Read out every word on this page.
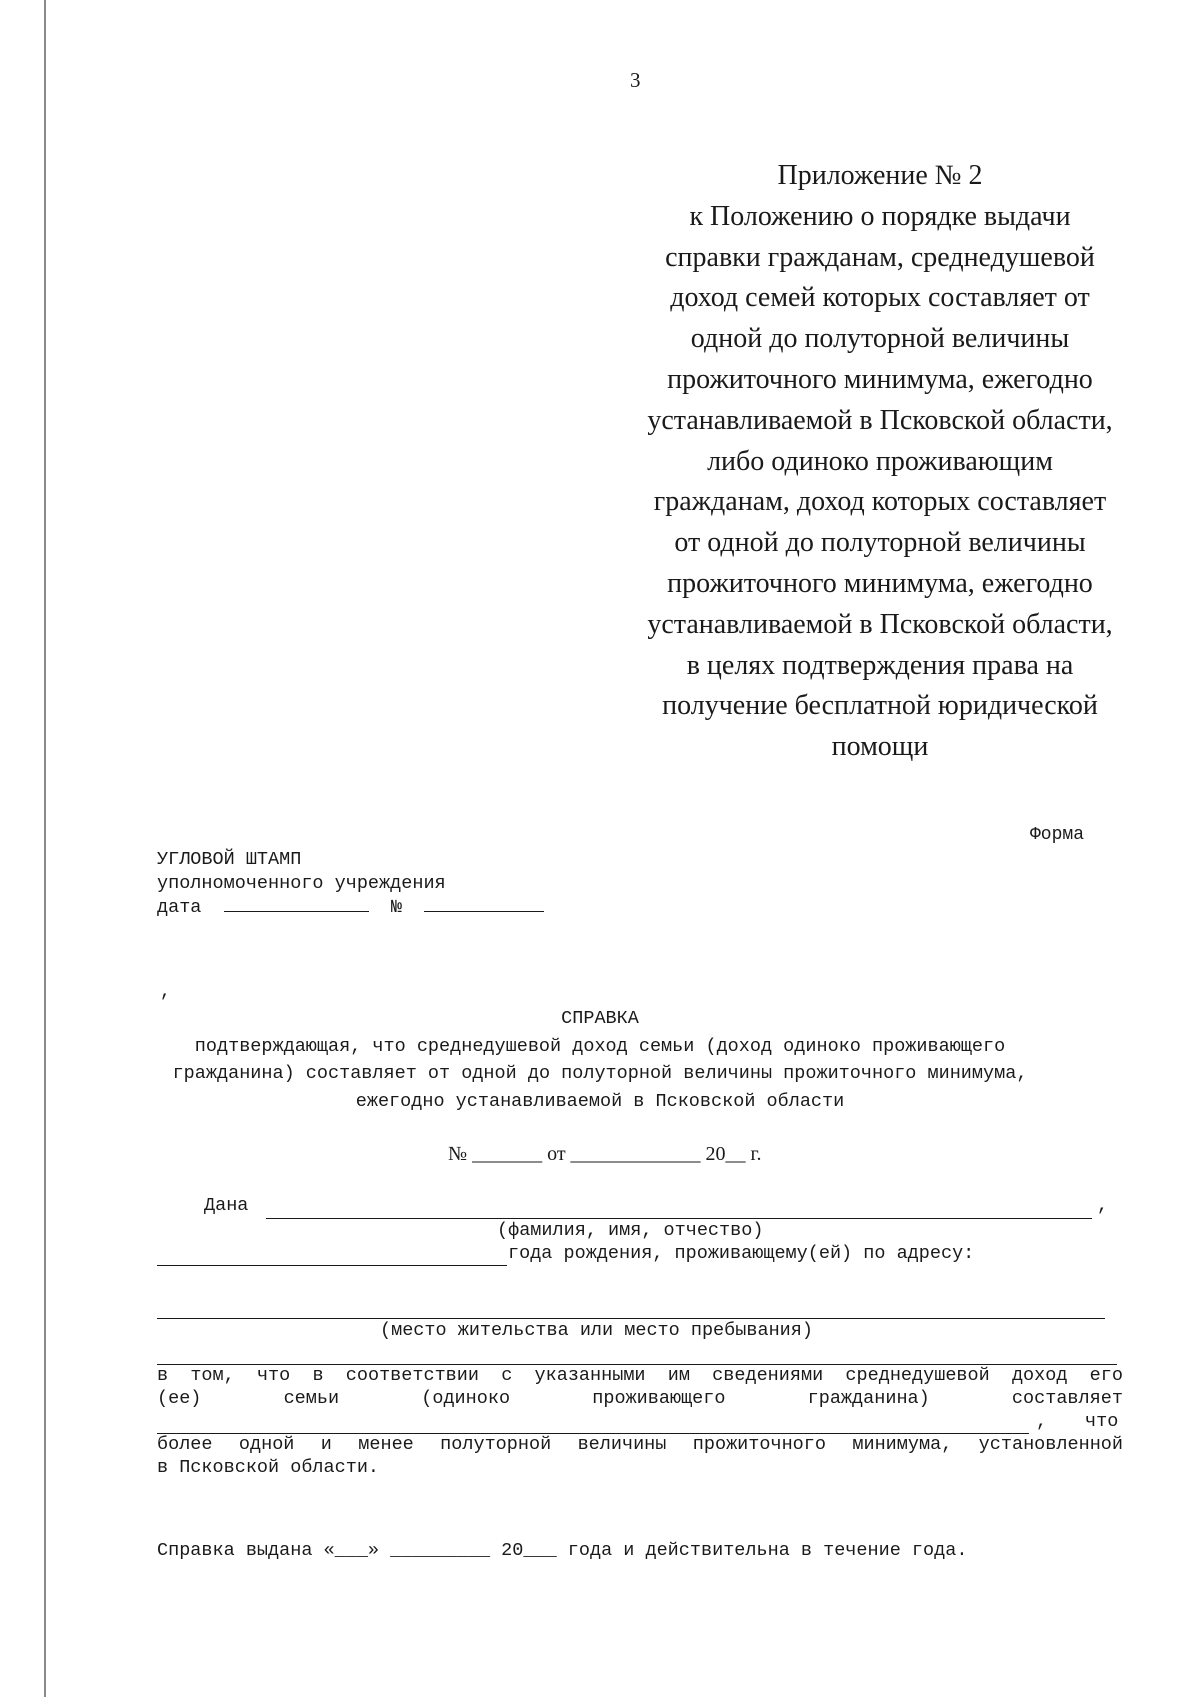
3
Приложение № 2
к Положению о порядке выдачи
справки гражданам, среднедушевой
доход семей которых составляет от
одной до полуторной величины
прожиточного минимума, ежегодно
устанавливаемой в Псковской области,
либо одиноко проживающим
гражданам, доход которых составляет
от одной до полуторной величины
прожиточного минимума, ежегодно
устанавливаемой в Псковской области,
в целях подтверждения права на
получение бесплатной юридической
помощи
Форма
УГЛОВОЙ ШТАМП
уполномоченного учреждения
дата	№
,
СПРАВКА
подтверждающая, что среднедушевой доход семьи (доход одиноко проживающего
гражданина) составляет от одной до полуторной величины прожиточного минимума,
ежегодно устанавливаемой в Псковской области
№ _______ от _____________ 20__ г.
Дана	,
(фамилия, имя, отчество)
года рождения, проживающему(ей) по адресу:
(место жительства или место пребывания)
в том, что в соответствии с указанными им сведениями среднедушевой доход его
(ее)	семьи	(одиноко	проживающего	гражданина)	составляет
, что
более одной и менее полуторной величины прожиточного минимума, установленной
в Псковской области.
Справка выдана «___» _________ 20___ года и действительна в течение года.
